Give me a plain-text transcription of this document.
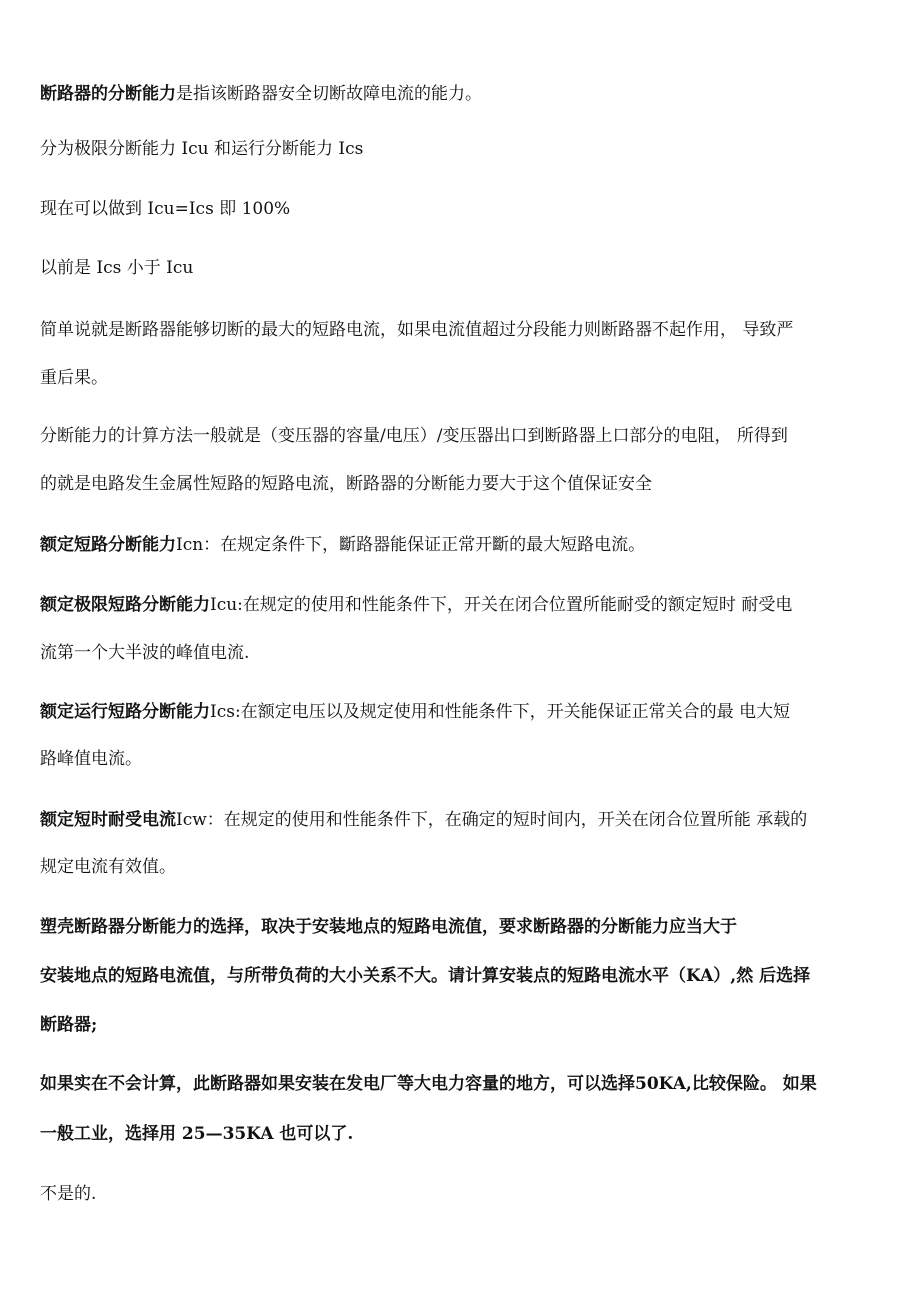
断路器的分断能力是指该断路器安全切断故障电流的能力。
分为极限分断能力 Icu 和运行分断能力 Ics
现在可以做到 Icu=Ics 即 100%
以前是 Ics 小于 Icu
简单说就是断路器能够切断的最大的短路电流，如果电流值超过分段能力则断路器不起作用， 导致严
重后果。
分断能力的计算方法一般就是（变压器的容量/电压）/变压器出口到断路器上口部分的电阻， 所得到
的就是电路发生金属性短路的短路电流，断路器的分断能力要大于这个值保证安全
额定短路分断能力Icn：在规定条件下，斷路器能保证正常开斷的最大短路电流。
额定极限短路分断能力Icu:在规定的使用和性能条件下，开关在闭合位置所能耐受的额定短时 耐受电
流第一个大半波的峰值电流.
额定运行短路分断能力Ics:在额定电压以及规定使用和性能条件下，开关能保证正常关合的最 电大短
路峰值电流。
额定短时耐受电流Icw：在规定的使用和性能条件下，在确定的短时间内，开关在闭合位置所能 承载的
规定电流有效值。
塑壳断路器分断能力的选择，取决于安装地点的短路电流值，要求断路器的分断能力应当大于
安装地点的短路电流值，与所带负荷的大小关系不大。请计算安装点的短路电流水平（KA）,然 后选择
断路器;
如果实在不会计算，此断路器如果安装在发电厂等大电力容量的地方，可以选择50KA,比较保险。 如果
一般工业，选择用 25—35KA 也可以了.
不是的.
